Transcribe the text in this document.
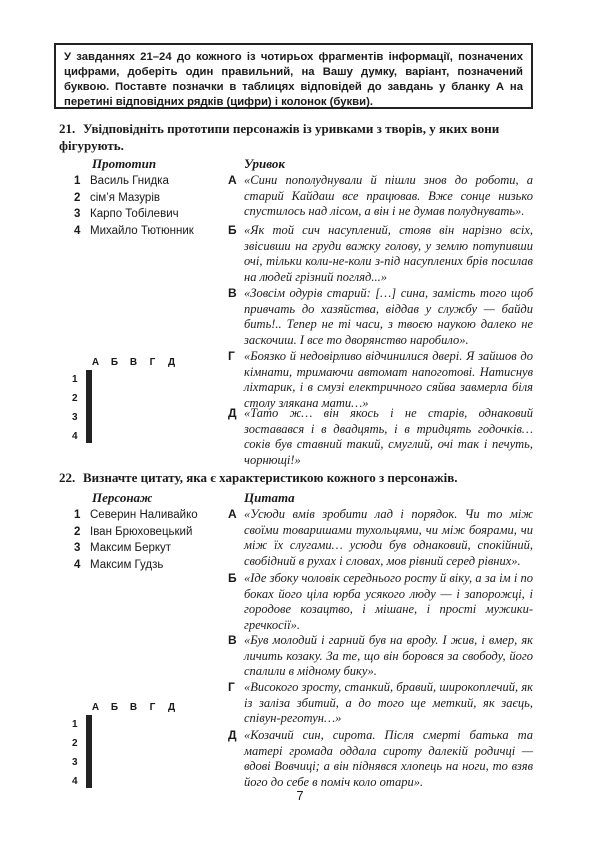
У завданнях 21–24 до кожного із чотирьох фрагментів інформації, позначених цифрами, доберіть один правильний, на Вашу думку, варіант, позначений буквою. Поставте позначки в таблицях відповідей до завдань у бланку А на перетині відповідних рядків (цифри) і колонок (букви).
21. Увідповідніть прототипи персонажів із уривками з творів, у яких вони фігурують.
Прототип	Уривок
1 Василь Гнидка
2 сім’я Мазурів
3 Карпо Тобілевич
4 Михайло Тютюнник
А «Сини пополуднували й пішли знов до роботи, а старий Кайдаш все працював. Вже сонце низько спустилось над лісом, а він і не думав полуднувать».
Б «Як той сич насуплений, стояв він нарізно всіх, звісивши на груди важку голову, у землю потупивши очі, тільки коли-не-коли з-під насуплених брів посилав на людей грізний погляд...»
В «Зовсім одурів старий: […] сина, замість того щоб привчать до хазяйства, віддав у службу — байди бить!.. Тепер не ті часи, з твоєю наукою далеко не заскочиш. І все то дворянство наробило».
Г «Боязко й недовірливо відчинилися двері. Я зайшов до кімнати, тримаючи автомат напоготові. Натиснув ліхтарик, і в смузі електричного сяйва завмерла біля столу злякана мати…»
Д «Тато ж… він якось і не старів, однаковий зоставався і в двадцять, і в тридцять годочків… соків був ставний такий, смуглий, очі так і печуть, чорнющі!»
А	Б	В	Г	Д
1
2
3
4

22. Визначте цитату, яка є характеристикою кожного з персонажів.
Персонаж	Цитата
1 Северин Наливайко
2 Іван Брюховецький
3 Максим Беркут
4 Максим Гудзь
А «Усюди вмів зробити лад і порядок. Чи то між своїми товаришами тухольцями, чи між боярами, чи між їх слугами… усюди був однаковий, спокійний, свобідний в рухах і словах, мов рівний серед рівних».
Б «Іде збоку чоловік середнього росту й віку, а за ім і по боках його ціла юрба усякого люду — і запорожці, і городове козацтво, і мішане, і прості мужики-гречкосії».
В «Був молодий і гарний був на вроду. І жив, і вмер, як личить козаку. За те, що він боровся за свободу, його спалили в мідному бику».
Г «Високого зросту, станкий, бравий, широкоплечий, як із заліза збитий, а до того ще меткий, як заєць, співун-реготун…»
Д «Козачий син, сирота. Після смерті батька та матері громада оддала сироту далекій родичці — вдові Вовчиці; а він піднявся хлопець на ноги, то взяв його до себе в поміч коло отари».
А	Б	В	Г	Д
1
2
3
4

7
